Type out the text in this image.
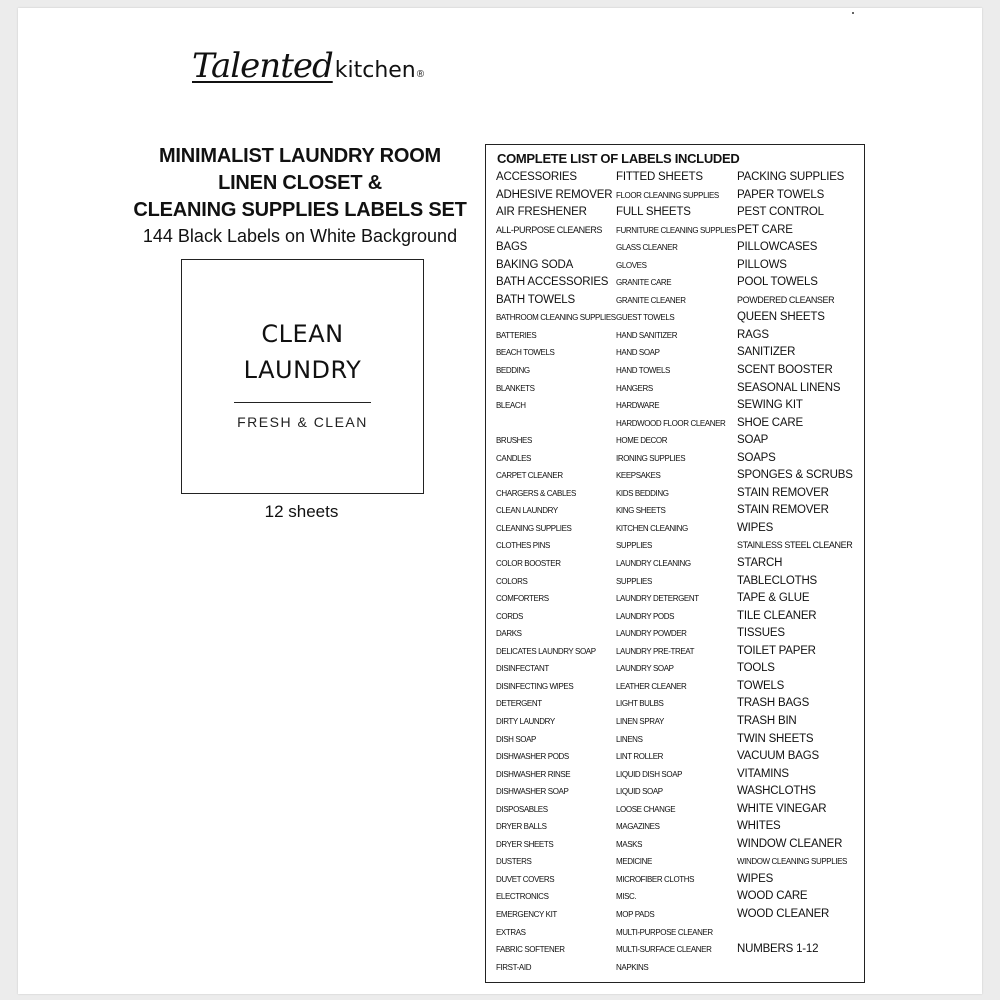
Talented kitchen ®
MINIMALIST LAUNDRY ROOM
LINEN CLOSET &
CLEANING SUPPLIES LABELS SET
144 Black Labels on White Background
CLEAN
LAUNDRY
FRESH & CLEAN
12 sheets
COMPLETE LIST OF LABELS INCLUDED
ACCESSORIES
ADHESIVE REMOVER
AIR FRESHENER
ALL-PURPOSE CLEANERS
BAGS
BAKING SODA
BATH ACCESSORIES
BATH TOWELS
BATHROOM CLEANING SUPPLIES
BATTERIES
BEACH TOWELS
BEDDING
BLANKETS
BLEACH
BRUSHES
CANDLES
CARPET CLEANER
CHARGERS & CABLES
CLEAN LAUNDRY
CLEANING SUPPLIES
CLOTHES PINS
COLOR BOOSTER
COLORS
COMFORTERS
CORDS
DARKS
DELICATES LAUNDRY SOAP
DISINFECTANT
DISINFECTING WIPES
DETERGENT
DIRTY LAUNDRY
DISH SOAP
DISHWASHER PODS
DISHWASHER RINSE
DISHWASHER SOAP
DISPOSABLES
DRYER BALLS
DRYER SHEETS
DUSTERS
DUVET COVERS
ELECTRONICS
EMERGENCY KIT
EXTRAS
FABRIC SOFTENER
FIRST-AID
FITTED SHEETS
FLOOR CLEANING SUPPLIES
FULL SHEETS
FURNITURE CLEANING SUPPLIES
GLASS CLEANER
GLOVES
GRANITE CARE
GRANITE CLEANER
GUEST TOWELS
HAND SANITIZER
HAND SOAP
HAND TOWELS
HANGERS
HARDWARE
HARDWOOD FLOOR CLEANER
HOME DECOR
IRONING SUPPLIES
KEEPSAKES
KIDS BEDDING
KING SHEETS
KITCHEN CLEANING
SUPPLIES
LAUNDRY CLEANING
SUPPLIES
LAUNDRY DETERGENT
LAUNDRY PODS
LAUNDRY POWDER
LAUNDRY PRE-TREAT
LAUNDRY SOAP
LEATHER CLEANER
LIGHT BULBS
LINEN SPRAY
LINENS
LINT ROLLER
LIQUID DISH SOAP
LIQUID SOAP
LOOSE CHANGE
MAGAZINES
MASKS
MEDICINE
MICROFIBER CLOTHS
MISC.
MOP PADS
MULTI-PURPOSE CLEANER
MULTI-SURFACE CLEANER
NAPKINS
PACKING SUPPLIES
PAPER TOWELS
PEST CONTROL
PET CARE
PILLOWCASES
PILLOWS
POOL TOWELS
POWDERED CLEANSER
QUEEN SHEETS
RAGS
SANITIZER
SCENT BOOSTER
SEASONAL LINENS
SEWING KIT
SHOE CARE
SOAP
SOAPS
SPONGES & SCRUBS
STAIN REMOVER
STAIN REMOVER
WIPES
STAINLESS STEEL CLEANER
STARCH
TABLECLOTHS
TAPE & GLUE
TILE CLEANER
TISSUES
TOILET PAPER
TOOLS
TOWELS
TRASH BAGS
TRASH BIN
TWIN SHEETS
VACUUM BAGS
VITAMINS
WASHCLOTHS
WHITE VINEGAR
WHITES
WINDOW CLEANER
WINDOW CLEANING SUPPLIES
WIPES
WOOD CARE
WOOD CLEANER
NUMBERS 1-12
